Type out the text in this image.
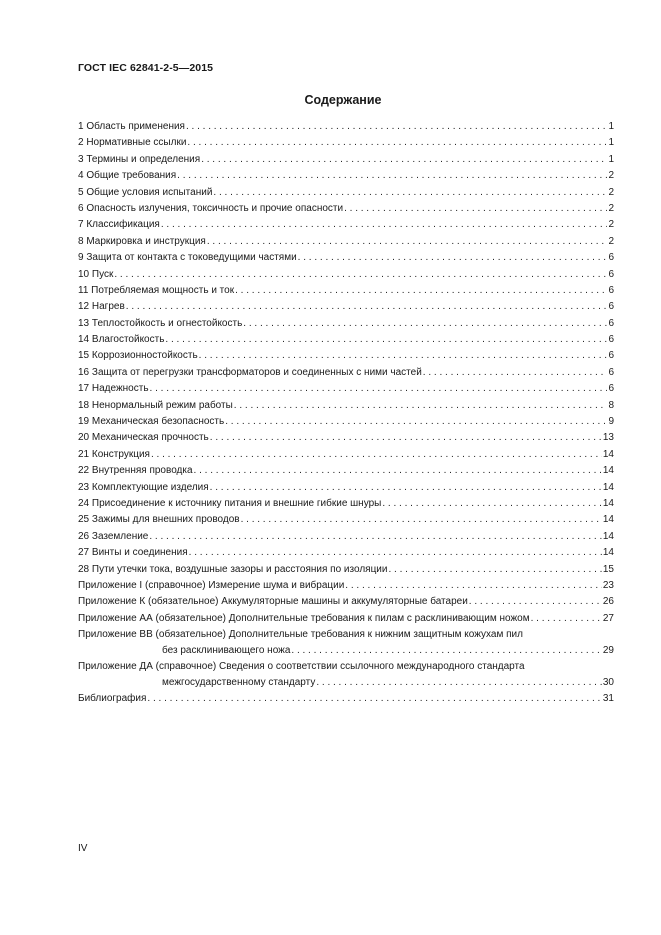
ГОСТ IEC 62841-2-5—2015
Содержание
1 Область применения . . .	1
2 Нормативные ссылки . . .	1
3 Термины и определения . . .	1
4 Общие требования . . .	2
5 Общие условия испытаний . . .	2
6 Опасность излучения, токсичность и прочие опасности . . .	2
7 Классификация . . .	2
8 Маркировка и инструкция . . .	2
9 Защита от контакта с токоведущими частями . . .	6
10 Пуск . . .	6
11 Потребляемая мощность и ток . . .	6
12 Нагрев . . .	6
13 Теплостойкость и огнестойкость . . .	6
14 Влагостойкость . . .	6
15 Коррозионностойкость . . .	6
16 Защита от перегрузки трансформаторов и соединенных с ними частей . . .	6
17 Надежность . . .	6
18 Ненормальный режим работы . . .	8
19 Механическая безопасность . . .	9
20 Механическая прочность . . .	13
21 Конструкция . . .	14
22 Внутренняя проводка . . .	14
23 Комплектующие изделия . . .	14
24 Присоединение к источнику питания и внешние гибкие шнуры . . .	14
25 Зажимы для внешних проводов . . .	14
26 Заземление . . .	14
27 Винты и соединения . . .	14
28 Пути утечки тока, воздушные зазоры и расстояния по изоляции . . .	15
Приложение I (справочное) Измерение шума и вибрации . . .	23
Приложение К (обязательное) Аккумуляторные машины и аккумуляторные батареи . . .	26
Приложение АА (обязательное) Дополнительные требования к пилам с расклинивающим ножом . . .	27
Приложение ВВ (обязательное) Дополнительные требования к нижним защитным кожухам пил
без расклинивающего ножа . . .	29
Приложение ДА (справочное) Сведения о соответствии ссылочного международного стандарта
межгосударственному стандарту . . .	30
Библиография . . .	31
IV
